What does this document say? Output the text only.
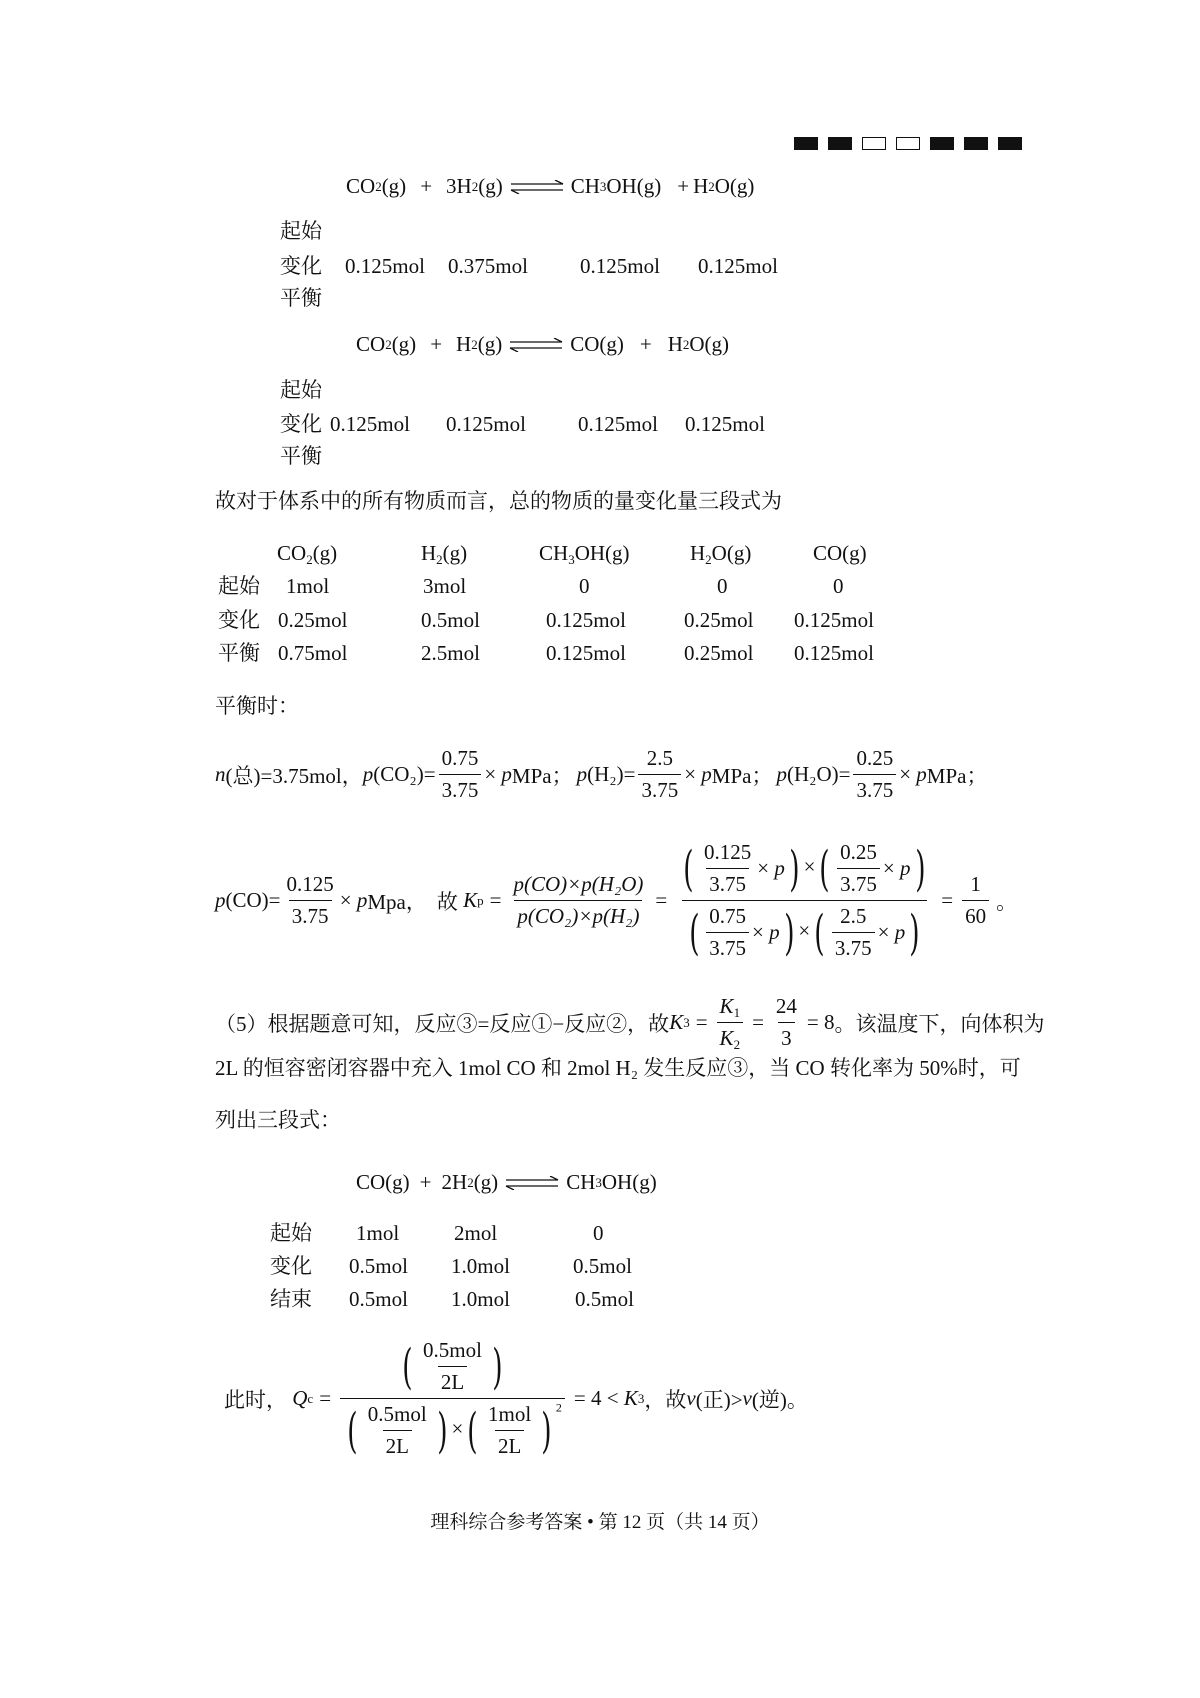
CO 2 (g) + 3H 2 (g) ⇌ CH 3 OH(g) + H 2 O(g)
起始
变化 0.125mol 0.375mol 0.125mol 0.125mol
平衡
CO 2 (g) + H 2 (g) ⇌ CO(g) + H 2 O(g)
起始
变化 0.125mol 0.125mol 0.125mol 0.125mol
平衡
故对于体系中的所有物质而言，总的物质的量变化量三段式为
$CO_2(g)$	$H_2(g)$	$CH_3OH(g)$	$H_2O(g)$	CO(g)
起始 1mol	3mol	0	0	0
变化 0.25mol	0.5mol	0.125mol	0.25mol 0.125mol
平衡 0.75mol	2.5mol	0.125mol	0.25mol 0.125mol
平衡时：
n (总)=3.75mol， p $(CO_2)= \frac{0.75}{3.75}$ ×
p MPa； p $(H_2)= \frac{2.5}{3.75}$ ×
p MPa； p $(H_2O)= \frac{0.25}{3.75}$ ×
p MPa；
p $(CO)= \frac{0.125}{3.75}$ ×
p Mpa， 故
K $p = \frac{\text{p(CO)×p(H₂O)}}{\text{p(CO₂)×p(H₂)}}$ = ( $\frac{0.125}{3.75}$ ×
p ) × ( $\frac{0.25}{3.75}$ ×
p )
( $\frac{0.75}{3.75}$ ×
p ) × ( $\frac{2.5}{3.75}$ ×
p ) = $\frac{1}{60}$ 。
（5）根据题意可知，反应③=反应①−反应②，故 K $3 = \frac{K_1}{K_2} = \frac{24}{3} = 8$ 。该温度下，向体积为
2L 的恒容密闭容器中充入 1mol CO 和 2mol H₂ 发生反应③，当 CO 转化率为 50%时，可
列出三段式：
CO(g) + 2H 2 (g) ⇌ CH 3 OH(g)
起始 1mol	2mol	0
变化 0.5mol 1.0mol	0.5mol
结束 0.5mol 1.0mol	0.5mol
此时，
Q $c = \frac{( \frac{\text{0.5mol}}{2L} )}{( \frac{\text{0.5mol}}{2L} ) \times ( \frac{\text{1mol}}{2L} ) ^2} = 4$ <
K 3 ，故 v (正)> v (逆)。
理科综合参考答案 • 第 12 页（共 14 页）
